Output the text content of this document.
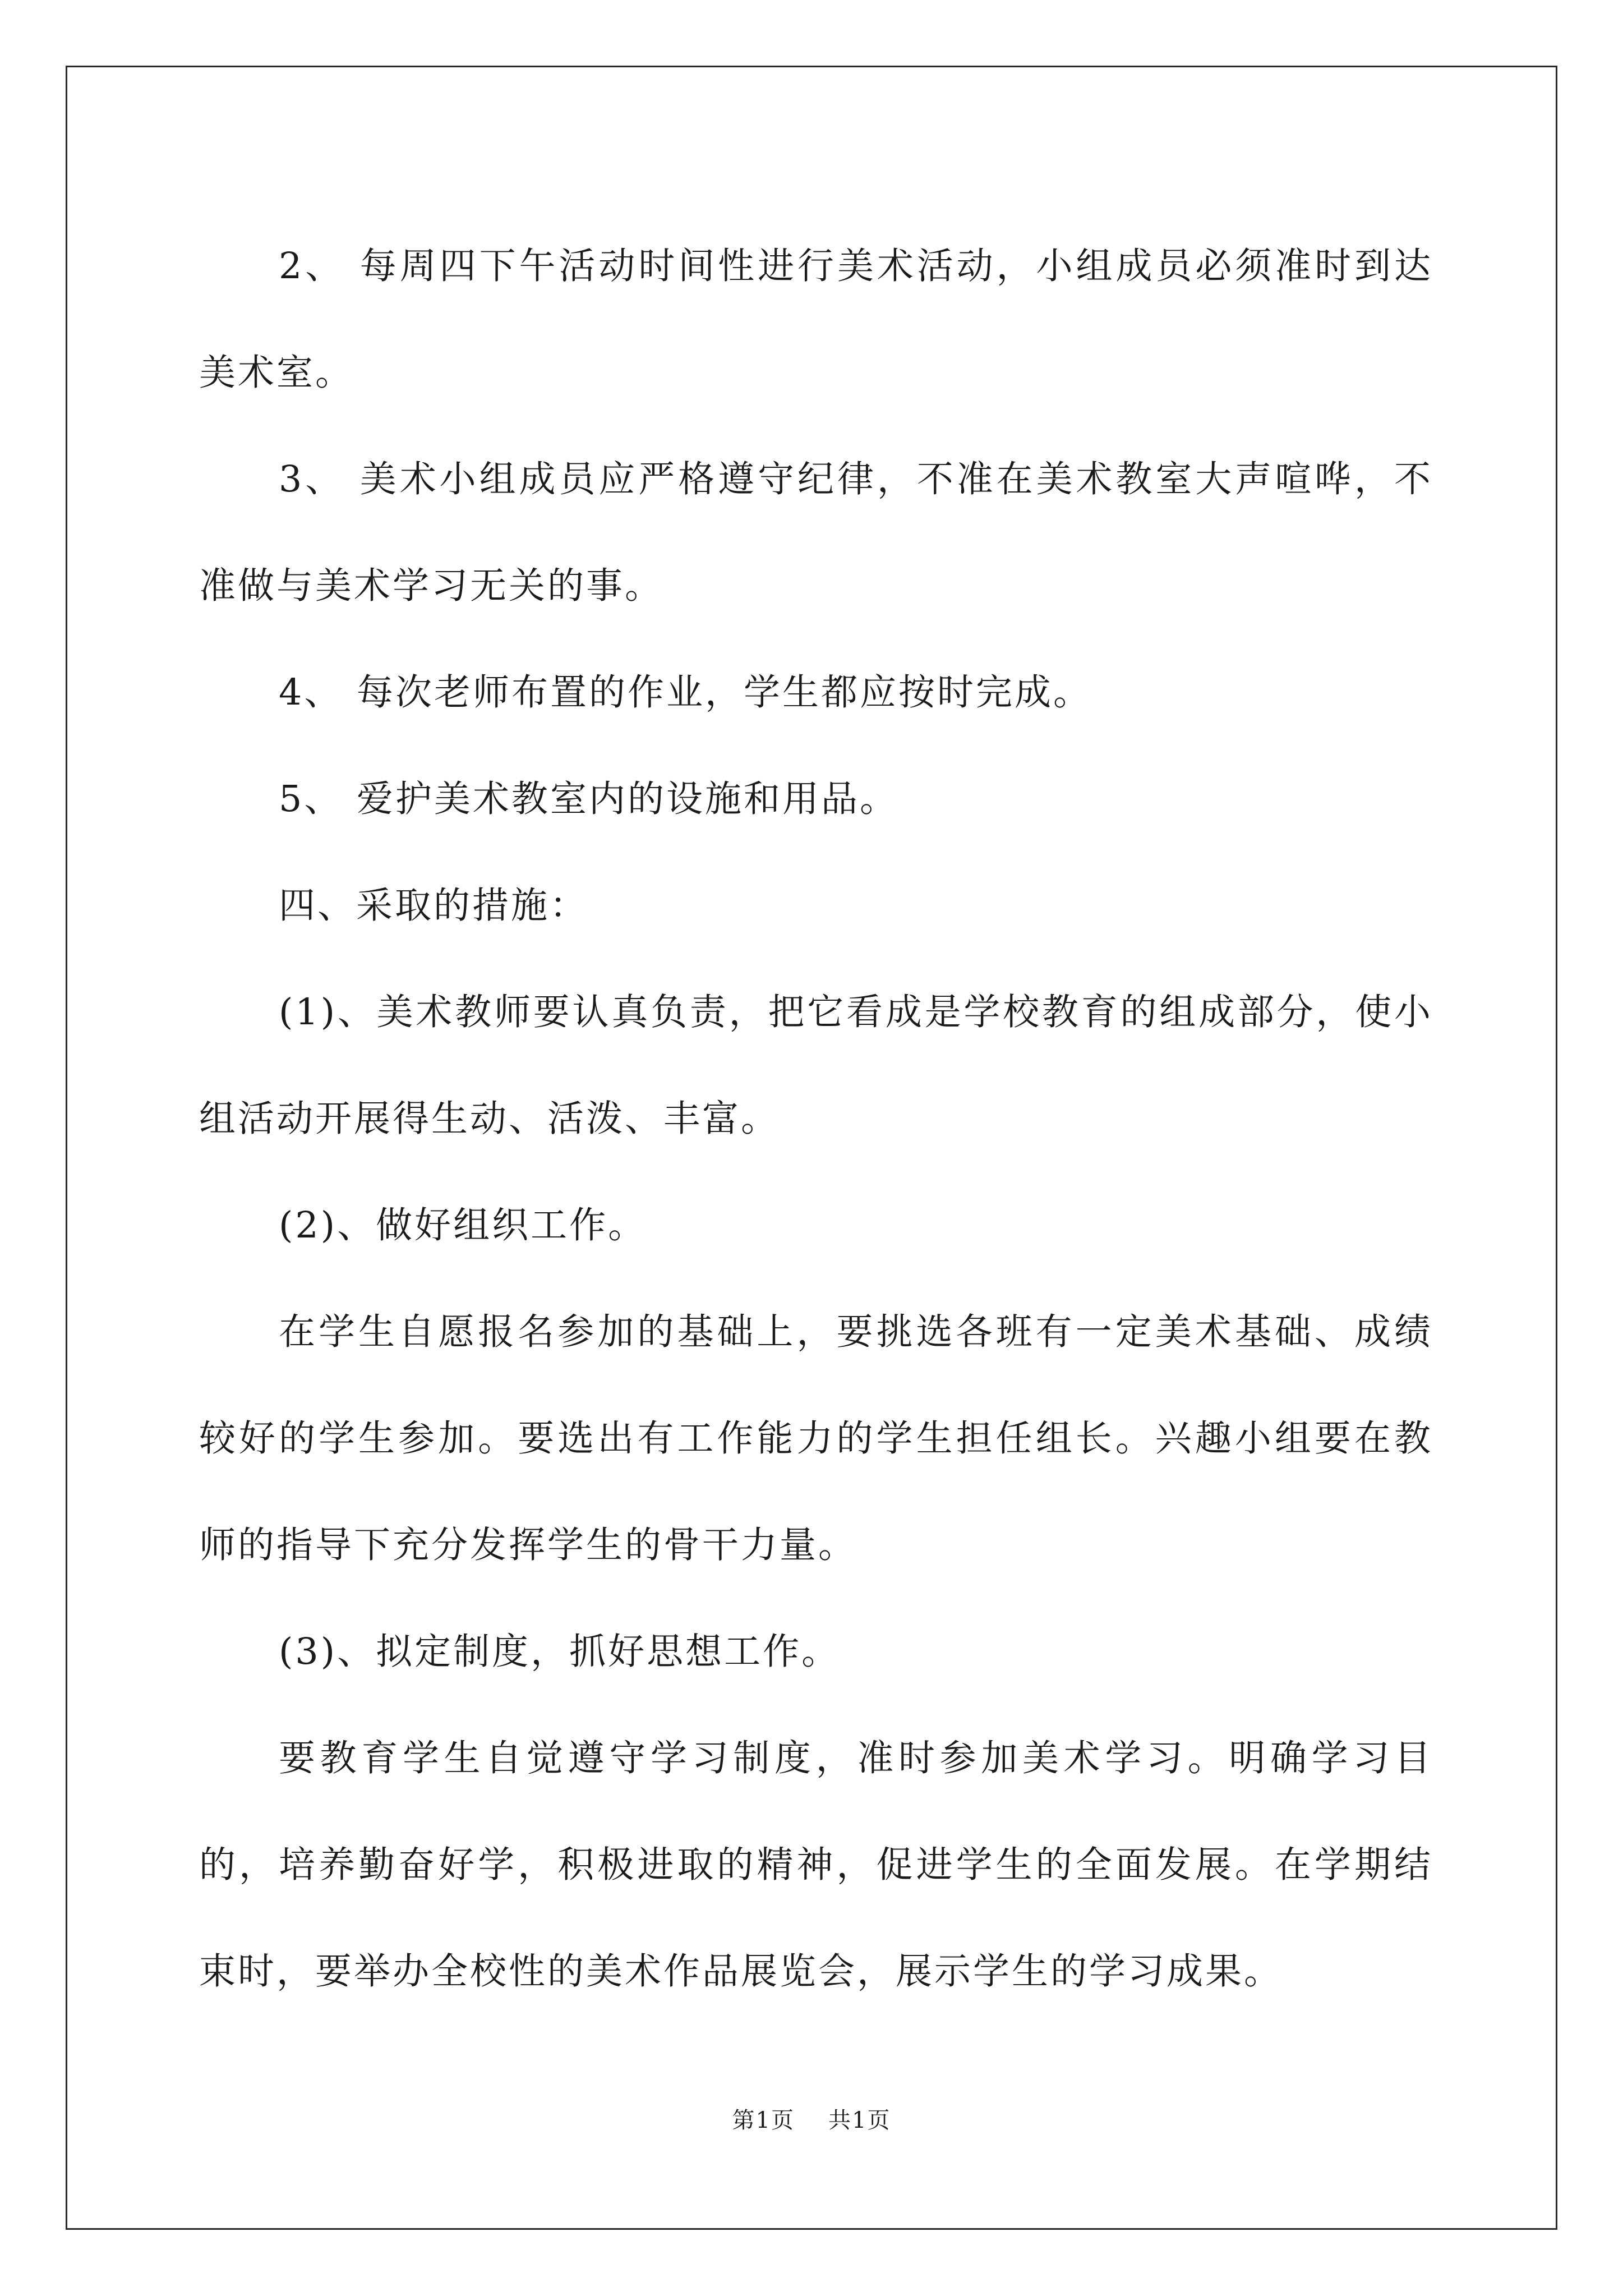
2、 每周四下午活动时间性进行美术活动，小组成员必须准时到达美术室。

3、 美术小组成员应严格遵守纪律，不准在美术教室大声喧哗，不准做与美术学习无关的事。

4、 每次老师布置的作业，学生都应按时完成。

5、 爱护美术教室内的设施和用品。

四、采取的措施：

(1)、美术教师要认真负责，把它看成是学校教育的组成部分，使小组活动开展得生动、活泼、丰富。

(2)、做好组织工作。

在学生自愿报名参加的基础上，要挑选各班有一定美术基础、成绩较好的学生参加。要选出有工作能力的学生担任组长。兴趣小组要在教师的指导下充分发挥学生的骨干力量。

(3)、拟定制度，抓好思想工作。

要教育学生自觉遵守学习制度，准时参加美术学习。明确学习目的，培养勤奋好学，积极进取的精神，促进学生的全面发展。在学期结束时，要举办全校性的美术作品展览会，展示学生的学习成果。

第1页 共1页
